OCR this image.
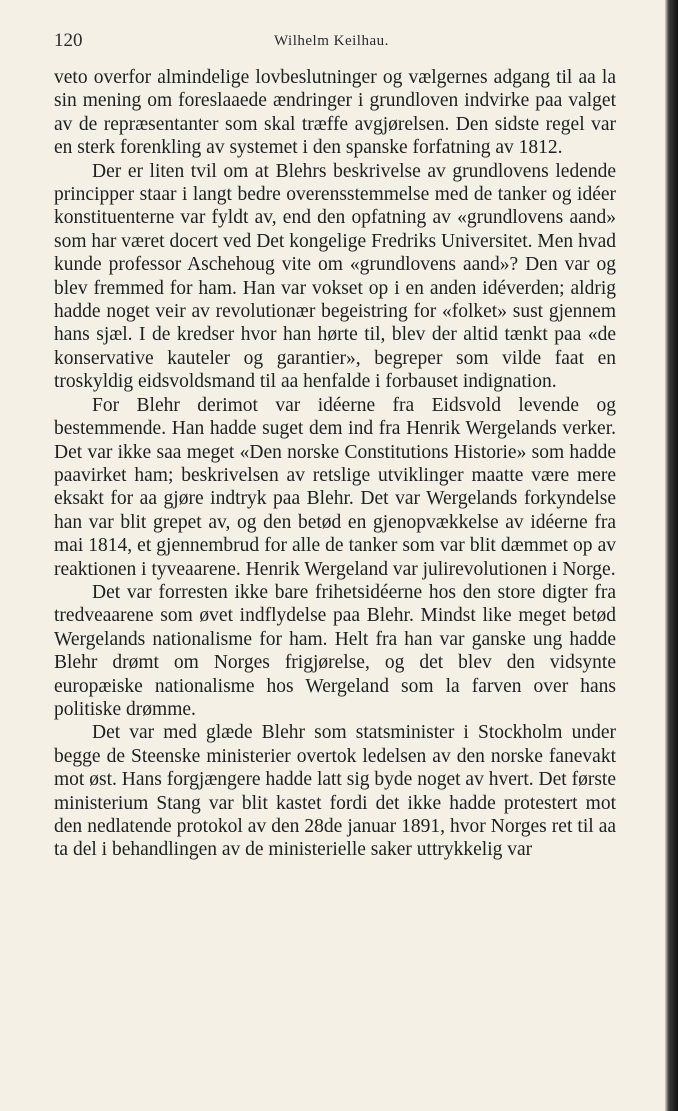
120	Wilhelm Keilhau.

veto overfor almindelige lovbeslutninger og vælgernes adgang til aa la sin mening om foreslaaede ændringer i grundloven indvirke paa valget av de repræsentanter som skal træffe avgjørelsen. Den sidste regel var en sterk forenkling av systemet i den spanske forfatning av 1812.

Der er liten tvil om at Blehrs beskrivelse av grundlovens ledende principper staar i langt bedre overensstemmelse med de tanker og idéer konstituenterne var fyldt av, end den opfatning av «grundlovens aand» som har været docert ved Det kongelige Fredriks Universitet. Men hvad kunde professor Aschehoug vite om «grundlovens aand»? Den var og blev fremmed for ham. Han var vokset op i en anden idéverden; aldrig hadde noget veir av revolutionær begeistring for «folket» sust gjennem hans sjæl. I de kredser hvor han hørte til, blev der altid tænkt paa «de konservative kauteler og garantier», begreper som vilde faat en troskyldig eidsvoldsmand til aa henfalde i forbauset indignation.

For Blehr derimot var idéerne fra Eidsvold levende og bestemmende. Han hadde suget dem ind fra Henrik Wergelands verker. Det var ikke saa meget «Den norske Constitutions Historie» som hadde paavirket ham; beskrivelsen av retslige utviklinger maatte være mere eksakt for aa gjøre indtryk paa Blehr. Det var Wergelands forkyndelse han var blit grepet av, og den betød en gjenopvækkelse av idéerne fra mai 1814, et gjennembrud for alle de tanker som var blit dæmmet op av reaktionen i tyveaarene. Henrik Wergeland var julirevolutionen i Norge.

Det var forresten ikke bare frihetsidéerne hos den store digter fra tredveaarene som øvet indflydelse paa Blehr. Mindst like meget betød Wergelands nationalisme for ham. Helt fra han var ganske ung hadde Blehr drømt om Norges frigjørelse, og det blev den vidsynte europæiske nationalisme hos Wergeland som la farven over hans politiske drømme.

Det var med glæde Blehr som statsminister i Stockholm under begge de Steenske ministerier overtok ledelsen av den norske fanevakt mot øst. Hans forgjængere hadde latt sig byde noget av hvert. Det første ministerium Stang var blit kastet fordi det ikke hadde protestert mot den nedlatende protokol av den 28de januar 1891, hvor Norges ret til aa ta del i behandlingen av de ministerielle saker uttrykkelig var
